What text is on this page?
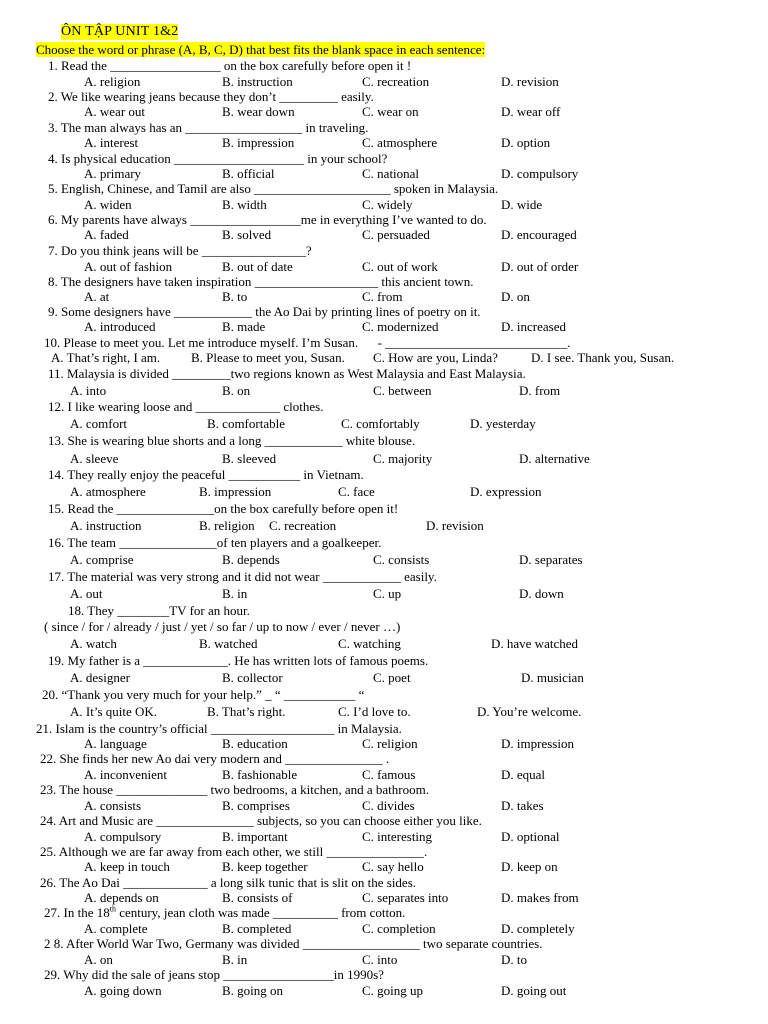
ÔN TẬP UNIT 1&2
Choose the word or phrase (A, B, C, D) that best fits the blank space in each sentence:
1. Read the _________________ on the box carefully before open it !
A. religion	B. instruction	C. recreation	D. revision
2. We like wearing jeans because they don’t _________ easily.
A. wear out	B. wear down	C. wear on	D. wear off
3. The man always has an __________________ in traveling.
A. interest	B. impression	C. atmosphere	D. option
4. Is physical education ____________________ in your school?
A. primary	B. official	C. national	D. compulsory
5. English, Chinese, and Tamil are also _____________________ spoken in Malaysia.
A. widen	B. width	C. widely	D. wide
6. My parents have always _________________me in everything I’ve wanted to do.
A. faded	B. solved	C. persuaded	D. encouraged
7. Do you think jeans will be ________________?
A. out of fashion	B. out of date	C. out of work	D. out of order
8. The designers have taken inspiration ___________________ this ancient town.
A. at	B. to	C. from	D. on
9. Some designers have ____________ the Ao Dai by printing lines of poetry on it.
A. introduced	B. made	C. modernized	D. increased
10. Please to meet you. Let me introduce myself. I’m Susan.      - ____________________________.
A. That’s right, I am. B. Please to meet you, Susan. C. How are you, Linda?	D. I see. Thank you, Susan.
11. Malaysia is divided _________two regions known as West Malaysia and East Malaysia.
A. into	B. on	C. between	D. from
12. I like wearing loose and _____________ clothes.
A. comfort	B. comfortable	C. comfortably	D. yesterday
13. She is wearing blue shorts and a long ____________ white blouse.
A. sleeve	B. sleeved	C. majority	D. alternative
14. They really enjoy the peaceful ___________ in Vietnam.
A. atmosphere	B. impression	C. face	D. expression
15. Read the _______________on the box carefully before open it!
A. instruction	B. religion C. recreation	D. revision
16. The team _______________of ten players and a goalkeeper.
A. comprise	B. depends	C. consists	D. separates
17. The material was very strong and it did not wear ____________ easily.
A. out	B. in	C. up	D. down
18. They ________TV for an hour.
( since / for / already / just / yet / so far / up to now / ever / never …)
A. watch	B. watched	C. watching	D. have watched
19. My father is a _____________. He has written lots of famous poems.
A. designer	B. collector	C. poet	D. musician
20. “Thank you very much for your help.” _ “ ___________ “
A. It’s quite OK.	B. That’s right.	C. I’d love to.	D. You’re welcome.
21. Islam is the country’s official ___________________ in Malaysia.
A. language	B. education	C. religion	D. impression
22. She finds her new Ao dai very modern and _______________ .
A. inconvenient	B. fashionable	C. famous	D. equal
23. The house ______________ two bedrooms, a kitchen, and a bathroom.
A. consists	B. comprises	C. divides	D. takes
24. Art and Music are _______________ subjects, so you can choose either you like.
A. compulsory	B. important	C. interesting	D. optional
25. Although we are far away from each other, we still _______________.
A. keep in touch	B. keep together	C. say hello	D. keep on
26. The Ao Dai _____________ a long silk tunic that is slit on the sides.
A. depends on	B. consists of	C. separates into	D. makes from
27. In the 18th century, jean cloth was made __________ from cotton.
A. complete	B. completed	C. completion	D. completely
2 8. After World War Two, Germany was divided __________________ two separate countries.
A. on	B. in	C. into	D. to
29. Why did the sale of jeans stop _________________in 1990s?
A. going down	B. going on	C. going up	D. going out
